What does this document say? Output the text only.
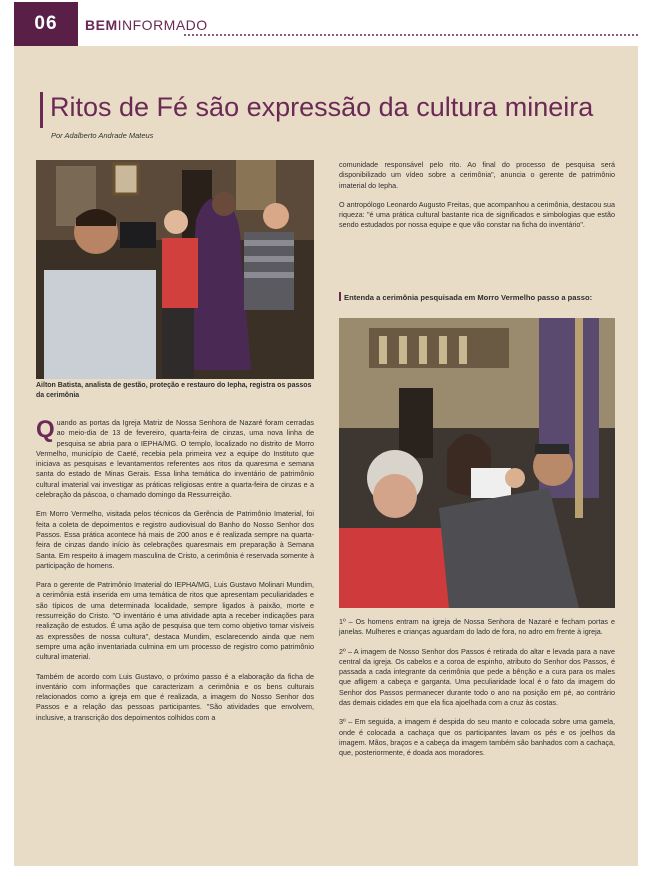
06	BEMINFORMADO
Ritos de Fé são expressão da cultura mineira
Por Adalberto Andrade Mateus
Ailton Batista, analista de gestão, proteção e restauro do Iepha, registra os passos da cerimônia

Quando as portas da Igreja Matriz de Nossa Senhora de Nazaré foram cerradas ao meio-dia de 13 de fevereiro, quarta-feira de cinzas, uma nova linha de pesquisa se abria para o IEPHA/MG. O templo, localizado no distrito de Morro Vermelho, município de Caeté, recebia pela primeira vez a equipe do Instituto que iniciava as pesquisas e levantamentos referentes aos ritos da quaresma e semana santa do estado de Minas Gerais. Essa linha temática do inventário de patrimônio cultural imaterial vai investigar as práticas religiosas entre a quarta-feira de cinzas e a celebração da páscoa, o chamado domingo da Ressurreição.

Em Morro Vermelho, visitada pelos técnicos da Gerência de Patrimônio Imaterial, foi feita a coleta de depoimentos e registro audiovisual do Banho do Nosso Senhor dos Passos. Essa prática acontece há mais de 200 anos e é realizada sempre na quarta-feira de cinzas dando início às celebrações quaresmais em preparação à Semana Santa. Em respeito à imagem masculina de Cristo, a cerimônia é reservada somente à participação de homens.

Para o gerente de Patrimônio Imaterial do IEPHA/MG, Luis Gustavo Molinari Mundim, a cerimônia está inserida em uma temática de ritos que apresentam peculiaridades e são típicos de uma determinada localidade, sempre ligados à paixão, morte e ressurreição do Cristo. "O inventário é uma atividade apta a receber indicações para realização de estudos. É uma ação de pesquisa que tem como objetivo tornar visíveis as expressões de nossa cultura", destaca Mundim, esclarecendo ainda que nem sempre uma ação inventariada culmina em um processo de registro como patrimônio cultural imaterial.

Também de acordo com Luis Gustavo, o próximo passo é a elaboração da ficha de inventário com informações que caracterizam a cerimônia e os bens culturais relacionados como a igreja em que é realizada, a imagem do Nosso Senhor dos Passos e a relação das pessoas participantes. "São atividades que envolvem, inclusive, a transcrição dos depoimentos colhidos com a

comunidade responsável pelo rito. Ao final do processo de pesquisa será disponibilizado um vídeo sobre a cerimônia", anuncia o gerente de patrimônio imaterial do Iepha.

O antropólogo Leonardo Augusto Freitas, que acompanhou a cerimônia, destacou sua riqueza: "é uma prática cultural bastante rica de significados e simbologias que estão sendo estudados por nossa equipe e que vão constar na ficha do inventário".

Entenda a cerimônia pesquisada em Morro Vermelho passo a passo:

1º – Os homens entram na igreja de Nossa Senhora de Nazaré e fecham portas e janelas. Mulheres e crianças aguardam do lado de fora, no adro em frente à igreja.

2º – A imagem de Nosso Senhor dos Passos é retirada do altar e levada para a nave central da igreja. Os cabelos e a coroa de espinho, atributo do Senhor dos Passos, é passada a cada integrante da cerimônia que pede a bênção e a cura para os males que afligem a cabeça e garganta. Uma peculiaridade local é o fato da imagem do Senhor dos Passos permanecer durante todo o ano na posição em pé, ao contrário das demais cidades em que ela fica ajoelhada com a cruz às costas.

3º – Em seguida, a imagem é despida do seu manto e colocada sobre uma gamela, onde é colocada a cachaça que os participantes lavam os pés e os joelhos da imagem. Mãos, braços e a cabeça da imagem também são banhados com a cachaça, que, posteriormente, é doada aos moradores.
